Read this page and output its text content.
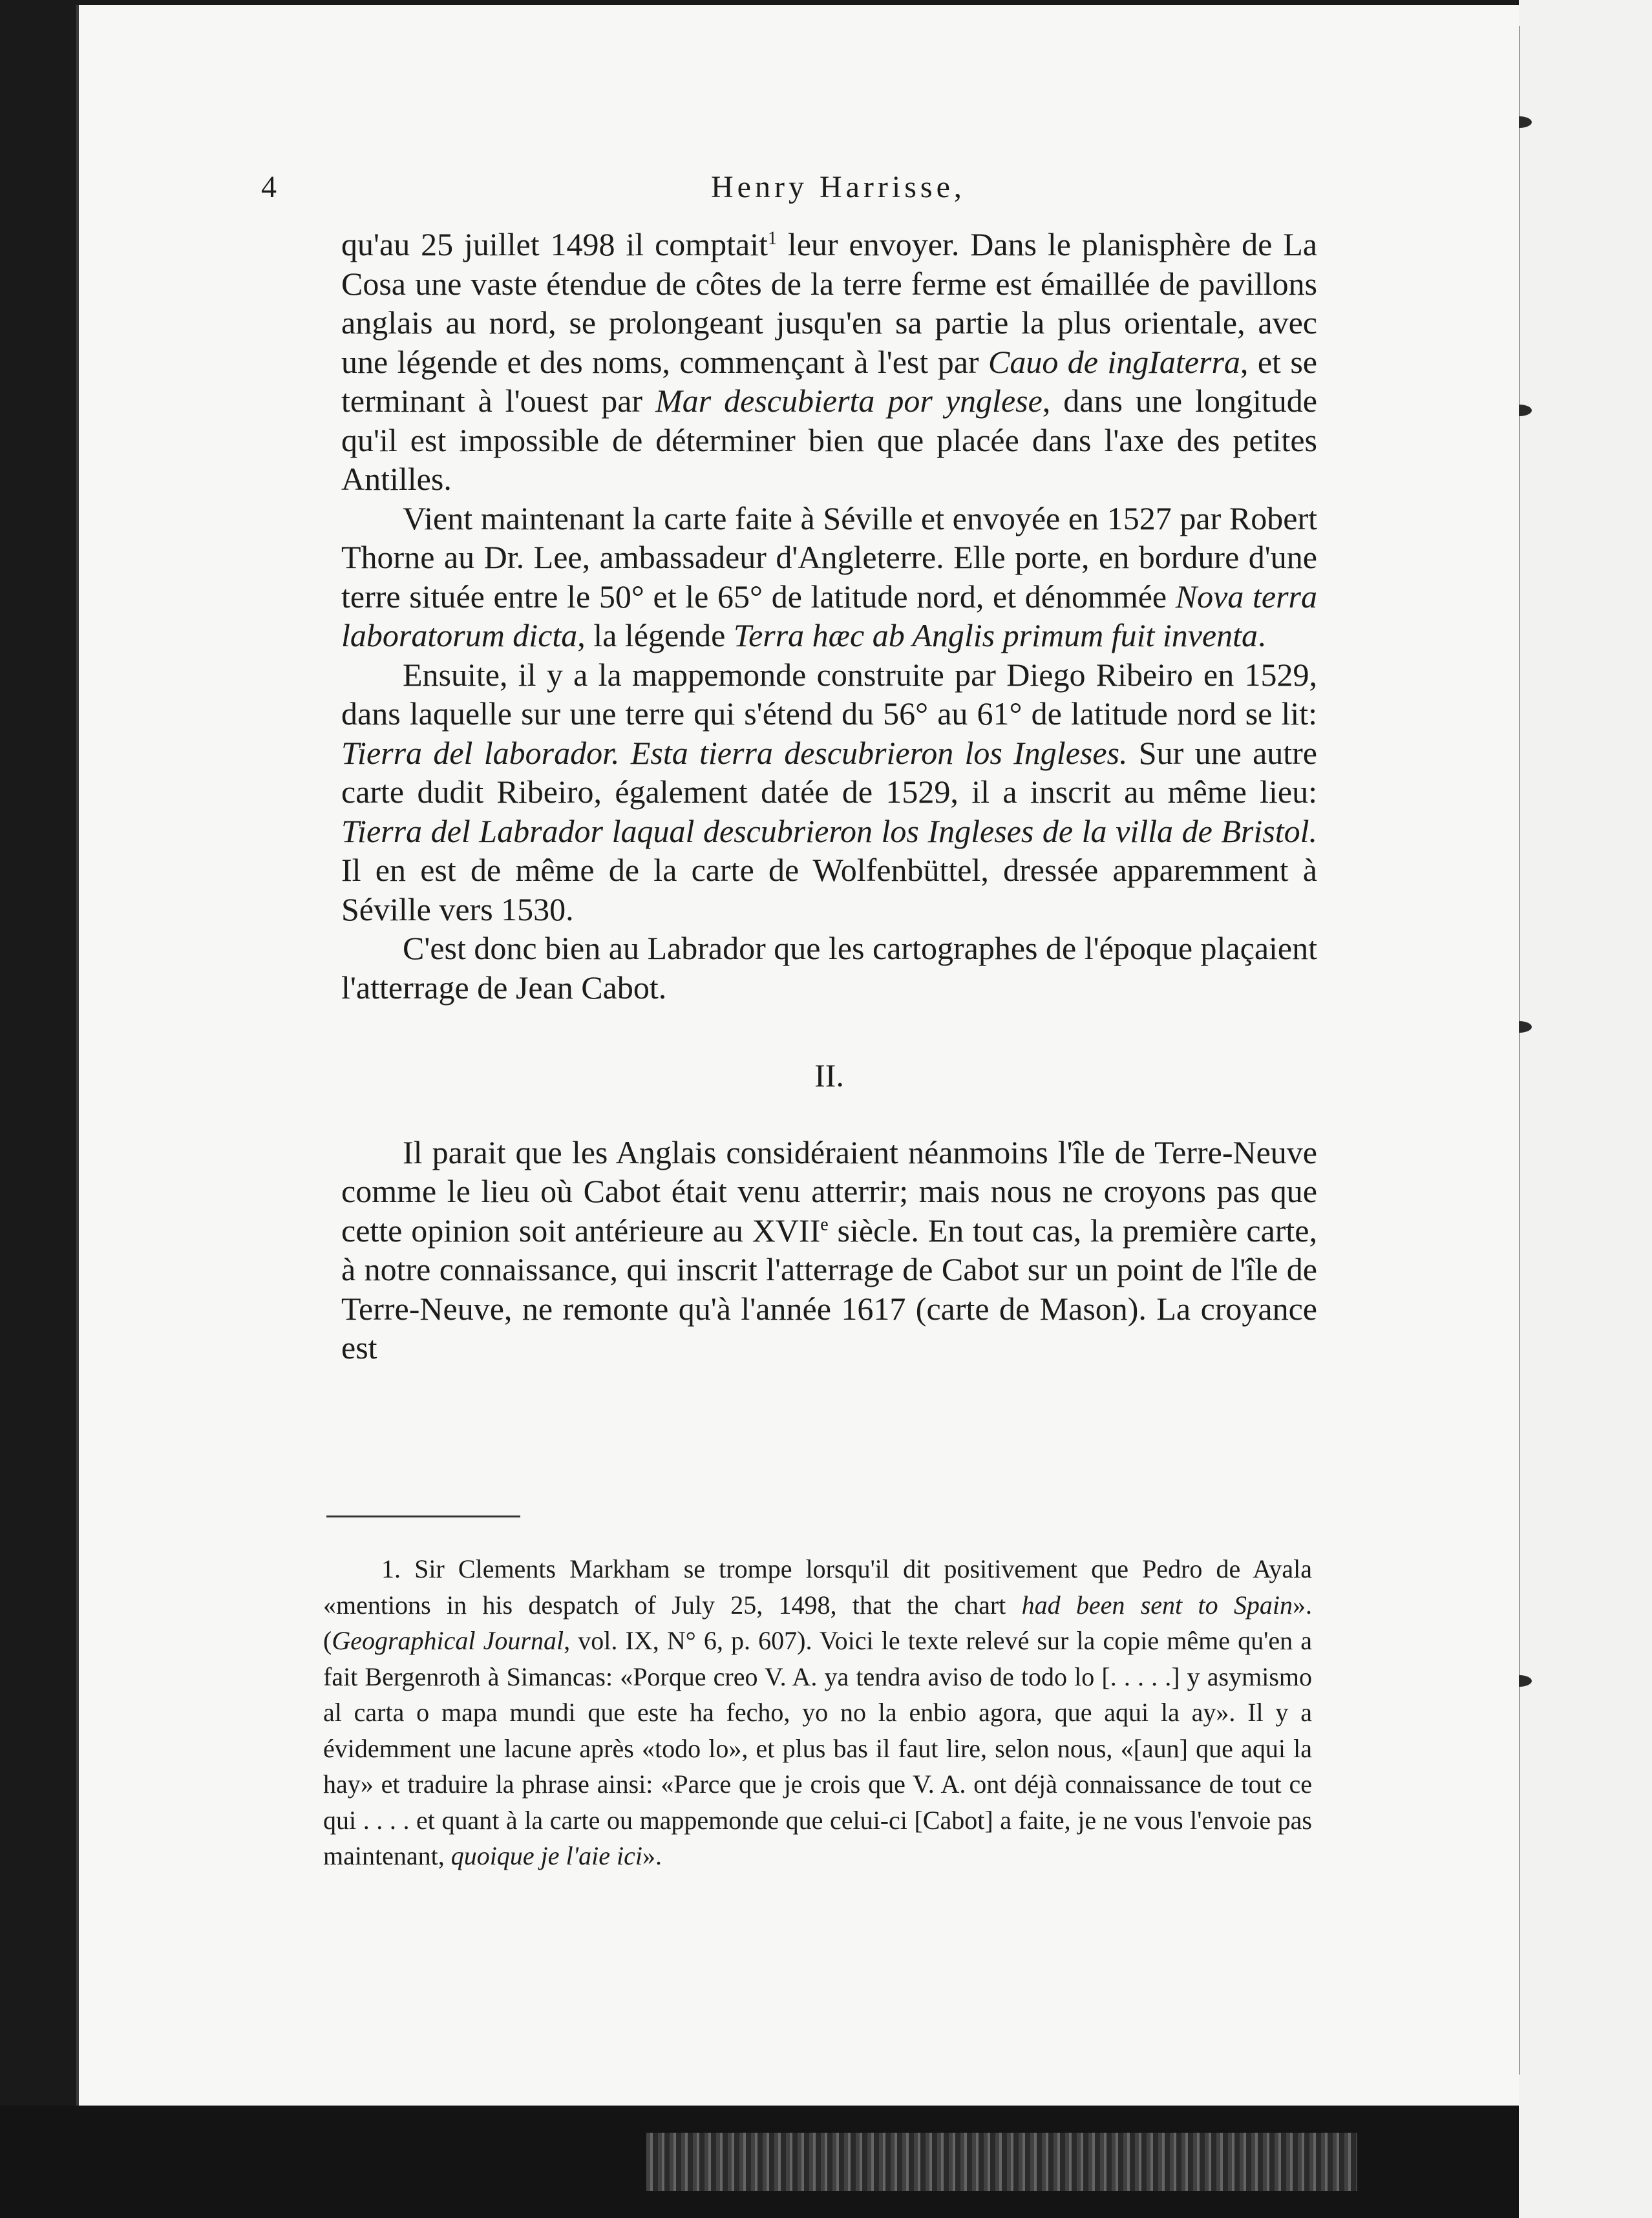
4	Henry Harrisse,

qu'au 25 juillet 1498 il comptait$^1$ leur envoyer. Dans le planisphère de La Cosa une vaste étendue de côtes de la terre ferme est émaillée de pavillons anglais au nord, se prolongeant jusqu'en sa partie la plus orientale, avec une légende et des noms, commençant à l'est par Cauo de ingIaterra, et se terminant à l'ouest par Mar descubierta por ynglese, dans une longitude qu'il est impossible de déterminer bien que placée dans l'axe des petites Antilles.

Vient maintenant la carte faite à Séville et envoyée en 1527 par Robert Thorne au Dr. Lee, ambassadeur d'Angleterre. Elle porte, en bordure d'une terre située entre le 50° et le 65° de latitude nord, et dénommée Nova terra laboratorum dicta, la légende Terra hæc ab Anglis primum fuit inventa.

Ensuite, il y a la mappemonde construite par Diego Ribeiro en 1529, dans laquelle sur une terre qui s'étend du 56° au 61° de latitude nord se lit: Tierra del laborador. Esta tierra descubrieron los Ingleses. Sur une autre carte dudit Ribeiro, également datée de 1529, il a inscrit au même lieu: Tierra del Labrador laqual descubrieron los Ingleses de la villa de Bristol. Il en est de même de la carte de Wolfenbüttel, dressée apparemment à Séville vers 1530.

C'est donc bien au Labrador que les cartographes de l'époque plaçaient l'atterrage de Jean Cabot.

II.

Il parait que les Anglais considéraient néanmoins l'île de Terre-Neuve comme le lieu où Cabot était venu atterrir; mais nous ne croyons pas que cette opinion soit antérieure au XVIIe siècle. En tout cas, la première carte, à notre connaissance, qui inscrit l'atterrage de Cabot sur un point de l'île de Terre-Neuve, ne remonte qu'à l'année 1617 (carte de Mason). La croyance est

1. Sir Clements Markham se trompe lorsqu'il dit positivement que Pedro de Ayala «mentions in his despatch of July 25, 1498, that the chart had been sent to Spain». (Geographical Journal, vol. IX, N° 6, p. 607). Voici le texte relevé sur la copie même qu'en a fait Bergenroth à Simancas: «Porque creo V. A. ya tendra aviso de todo lo [. . . . .] y asymismo al carta o mapa mundi que este ha fecho, yo no la enbio agora, que aqui la ay». Il y a évidemment une lacune après «todo lo», et plus bas il faut lire, selon nous, «[aun] que aqui la hay» et traduire la phrase ainsi: «Parce que je crois que V. A. ont déjà connaissance de tout ce qui . . . . et quant à la carte ou mappemonde que celui-ci [Cabot] a faite, je ne vous l'envoie pas maintenant, quoique je l'aie ici».
